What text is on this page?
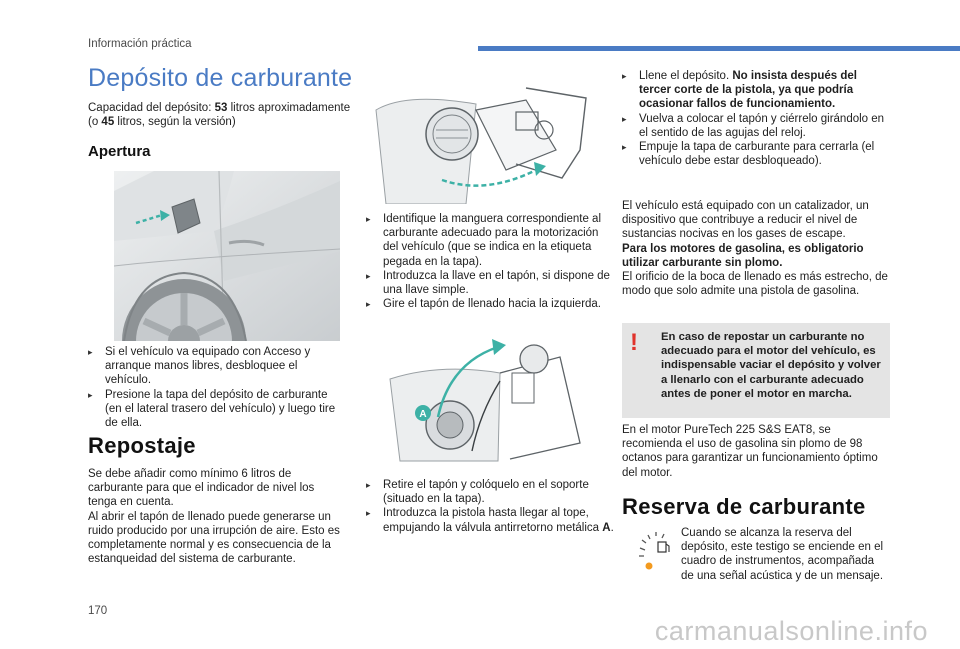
Información práctica
Depósito de carburante
Capacidad del depósito: 53 litros aproximadamente (o 45 litros, según la versión)
Apertura
▸	Si el vehículo va equipado con Acceso y arranque manos libres, desbloquee el vehículo.
▸	Presione la tapa del depósito de carburante (en el lateral trasero del vehículo) y luego tire de ella.
Repostaje
Se debe añadir como mínimo 6 litros de carburante para que el indicador de nivel los tenga en cuenta.
Al abrir el tapón de llenado puede generarse un ruido producido por una irrupción de aire. Esto es completamente normal y es consecuencia de la estanqueidad del sistema de carburante.
▸	Identifique la manguera correspondiente al carburante adecuado para la motorización del vehículo (que se indica en la etiqueta pegada en la tapa).
▸	Introduzca la llave en el tapón, si dispone de una llave simple.
▸	Gire el tapón de llenado hacia la izquierda.
A
▸	Retire el tapón y colóquelo en el soporte (situado en la tapa).
▸	Introduzca la pistola hasta llegar al tope, empujando la válvula antirretorno metálica A.
▸	Llene el depósito. No insista después del tercer corte de la pistola, ya que podría ocasionar fallos de funcionamiento.
▸	Vuelva a colocar el tapón y ciérrelo girándolo en el sentido de las agujas del reloj.
▸	Empuje la tapa de carburante para cerrarla (el vehículo debe estar desbloqueado).
El vehículo está equipado con un catalizador, un dispositivo que contribuye a reducir el nivel de sustancias nocivas en los gases de escape.
Para los motores de gasolina, es obligatorio utilizar carburante sin plomo.
El orificio de la boca de llenado es más estrecho, de modo que solo admite una pistola de gasolina.
! En caso de repostar un carburante no adecuado para el motor del vehículo, es indispensable vaciar el depósito y volver a llenarlo con el carburante adecuado antes de poner el motor en marcha.
En el motor PureTech 225 S&S EAT8, se recomienda el uso de gasolina sin plomo de 98 octanos para garantizar un funcionamiento óptimo del motor.
Reserva de carburante
Cuando se alcanza la reserva del depósito, este testigo se enciende en el cuadro de instrumentos, acompañada de una señal acústica y de un mensaje.
170
carmanualsonline.info
